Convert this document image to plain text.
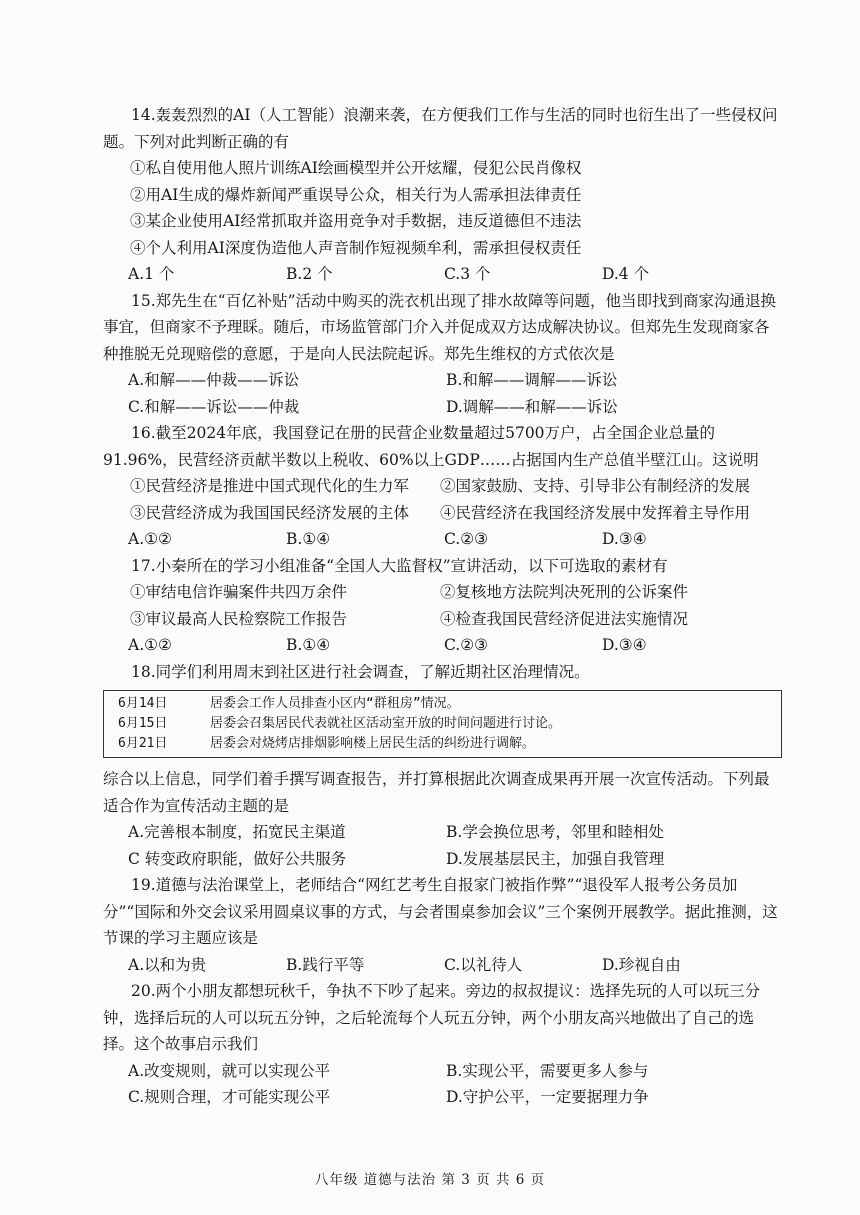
14.轰轰烈烈的AI（人工智能）浪潮来袭，在方便我们工作与生活的同时也衍生出了一些侵权问题。下列对此判断正确的有

①私自使用他人照片训练AI绘画模型并公开炫耀，侵犯公民肖像权

②用AI生成的爆炸新闻严重误导公众，相关行为人需承担法律责任

③某企业使用AI经常抓取并盗用竞争对手数据，违反道德但不违法

④个人利用AI深度伪造他人声音制作短视频牟利，需承担侵权责任

A.1 个	B.2 个	C.3 个	D.4 个

15.郑先生在“百亿补贴”活动中购买的洗衣机出现了排水故障等问题，他当即找到商家沟通退换事宜，但商家不予理睬。随后，市场监管部门介入并促成双方达成解决协议。但郑先生发现商家各种推脱无兑现赔偿的意愿，于是向人民法院起诉。郑先生维权的方式依次是

A.和解——仲裁——诉讼	B.和解——调解——诉讼
C.和解——诉讼——仲裁	D.调解——和解——诉讼

16.截至2024年底，我国登记在册的民营企业数量超过5700万户，占全国企业总量的91.96%，民营经济贡献半数以上税收、60%以上GDP……占据国内生产总值半壁江山。这说明

①民营经济是推进中国式现代化的生力军	②国家鼓励、支持、引导非公有制经济的发展
③民营经济成为我国国民经济发展的主体	④民营经济在我国经济发展中发挥着主导作用
A.①②	B.①④	C.②③	D.③④

17.小秦所在的学习小组准备“全国人大监督权”宣讲活动，以下可选取的素材有

①审结电信诈骗案件共四万余件	②复核地方法院判决死刑的公诉案件
③审议最高人民检察院工作报告	④检查我国民营经济促进法实施情况
A.①②	B.①④	C.②③	D.③④

18.同学们利用周末到社区进行社会调查，了解近期社区治理情况。

6月14日	居委会工作人员排查小区内“群租房”情况。
6月15日	居委会召集居民代表就社区活动室开放的时间问题进行讨论。
6月21日	居委会对烧烤店排烟影响楼上居民生活的纠纷进行调解。

综合以上信息，同学们着手撰写调查报告，并打算根据此次调查成果再开展一次宣传活动。下列最适合作为宣传活动主题的是

A.完善根本制度，拓宽民主渠道	B.学会换位思考，邻里和睦相处
C 转变政府职能，做好公共服务	D.发展基层民主，加强自我管理

19.道德与法治课堂上，老师结合“网红艺考生自报家门被指作弊”“退役军人报考公务员加分”“国际和外交会议采用圆桌议事的方式，与会者围桌参加会议”三个案例开展教学。据此推测，这节课的学习主题应该是

A.以和为贵	B.践行平等	C.以礼待人	D.珍视自由

20.两个小朋友都想玩秋千，争执不下吵了起来。旁边的叔叔提议：选择先玩的人可以玩三分钟，选择后玩的人可以玩五分钟，之后轮流每个人玩五分钟，两个小朋友高兴地做出了自己的选择。这个故事启示我们

A.改变规则，就可以实现公平	B.实现公平，需要更多人参与
C.规则合理，才可能实现公平	D.守护公平，一定要据理力争
八年级 道德与法治 第 3 页 共 6 页
